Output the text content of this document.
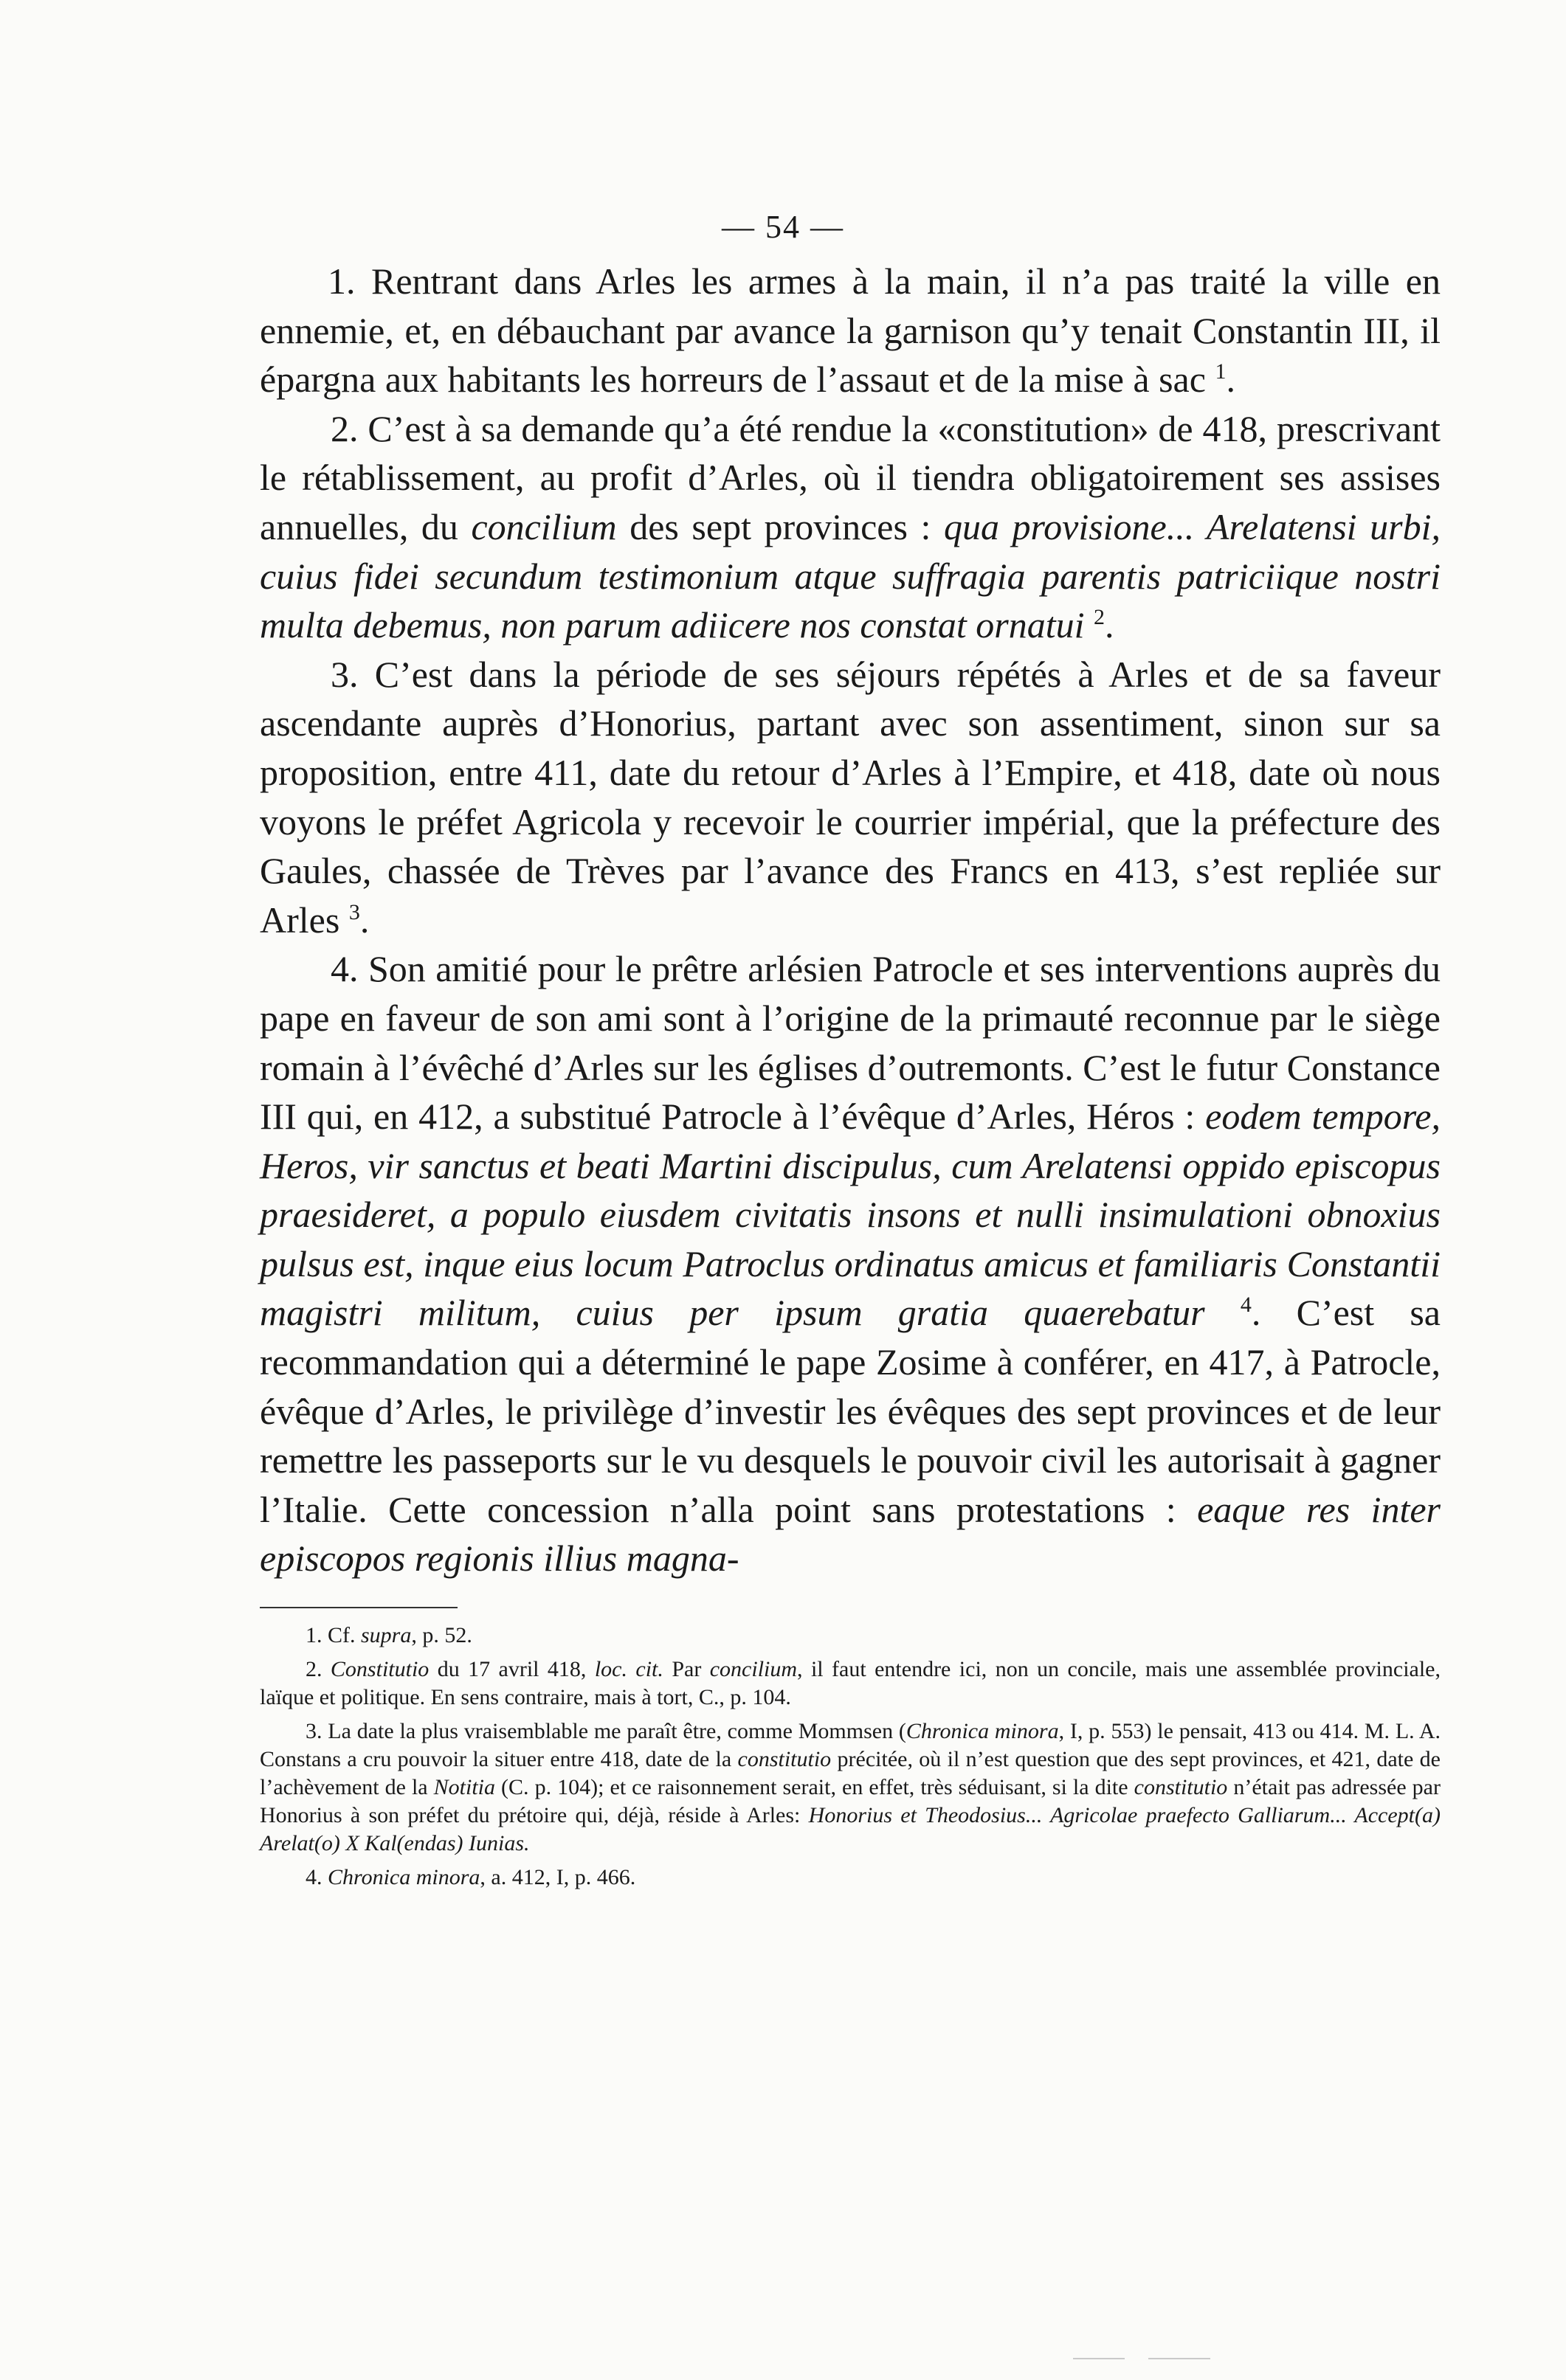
— 54 —

1. Rentrant dans Arles les armes à la main, il n’a pas traité la ville en ennemie, et, en débauchant par avance la garnison qu’y tenait Constantin III, il épargna aux habitants les horreurs de l’assaut et de la mise à sac $^1$.

2. C’est à sa demande qu’a été rendue la «constitution» de 418, prescrivant le rétablissement, au profit d’Arles, où il tiendra obligatoirement ses assises annuelles, du concilium des sept provinces : qua provisione... Arelatensi urbi, cuius fidei secundum testimonium atque suffragia parentis patriciique nostri multa debemus, non parum adiicere nos constat ornatui $^2$.

3. C’est dans la période de ses séjours répétés à Arles et de sa faveur ascendante auprès d’Honorius, partant avec son assentiment, sinon sur sa proposition, entre 411, date du retour d’Arles à l’Empire, et 418, date où nous voyons le préfet Agricola y recevoir le courrier impérial, que la préfecture des Gaules, chassée de Trèves par l’avance des Francs en 413, s’est repliée sur Arles $^3$.

4. Son amitié pour le prêtre arlésien Patrocle et ses interventions auprès du pape en faveur de son ami sont à l’origine de la primauté reconnue par le siège romain à l’évêché d’Arles sur les églises d’outremonts. C’est le futur Constance III qui, en 412, a substitué Patrocle à l’évêque d’Arles, Héros : eodem tempore, Heros, vir sanctus et beati Martini discipulus, cum Arelatensi oppido episcopus praesideret, a populo eiusdem civitatis insons et nulli insimulationi obnoxius pulsus est, inque eius locum Patroclus ordinatus amicus et familiaris Constantii magistri militum, cuius per ipsum gratia quaerebatur $^4$. C’est sa recommandation qui a déterminé le pape Zosime à conférer, en 417, à Patrocle, évêque d’Arles, le privilège d’investir les évêques des sept provinces et de leur remettre les passeports sur le vu desquels le pouvoir civil les autorisait à gagner l’Italie. Cette concession n’alla point sans protestations : eaque res inter episcopos regionis illius magna-

1. Cf. supra, p. 52.

2. Constitutio du 17 avril 418, loc. cit. Par concilium, il faut entendre ici, non un concile, mais une assemblée provinciale, laïque et politique. En sens contraire, mais à tort, C., p. 104.

3. La date la plus vraisemblable me paraît être, comme Mommsen (Chronica minora, I, p. 553) le pensait, 413 ou 414. M. L. A. Constans a cru pouvoir la situer entre 418, date de la constitutio précitée, où il n’est question que des sept provinces, et 421, date de l’achèvement de la Notitia (C. p. 104); et ce raisonnement serait, en effet, très séduisant, si la dite constitutio n’était pas adressée par Honorius à son préfet du prétoire qui, déjà, réside à Arles: Honorius et Theodosius... Agricolae praefecto Galliarum... Accept(a) Arelat(o) X Kal(endas) Iunias.

4. Chronica minora, a. 412, I, p. 466.
